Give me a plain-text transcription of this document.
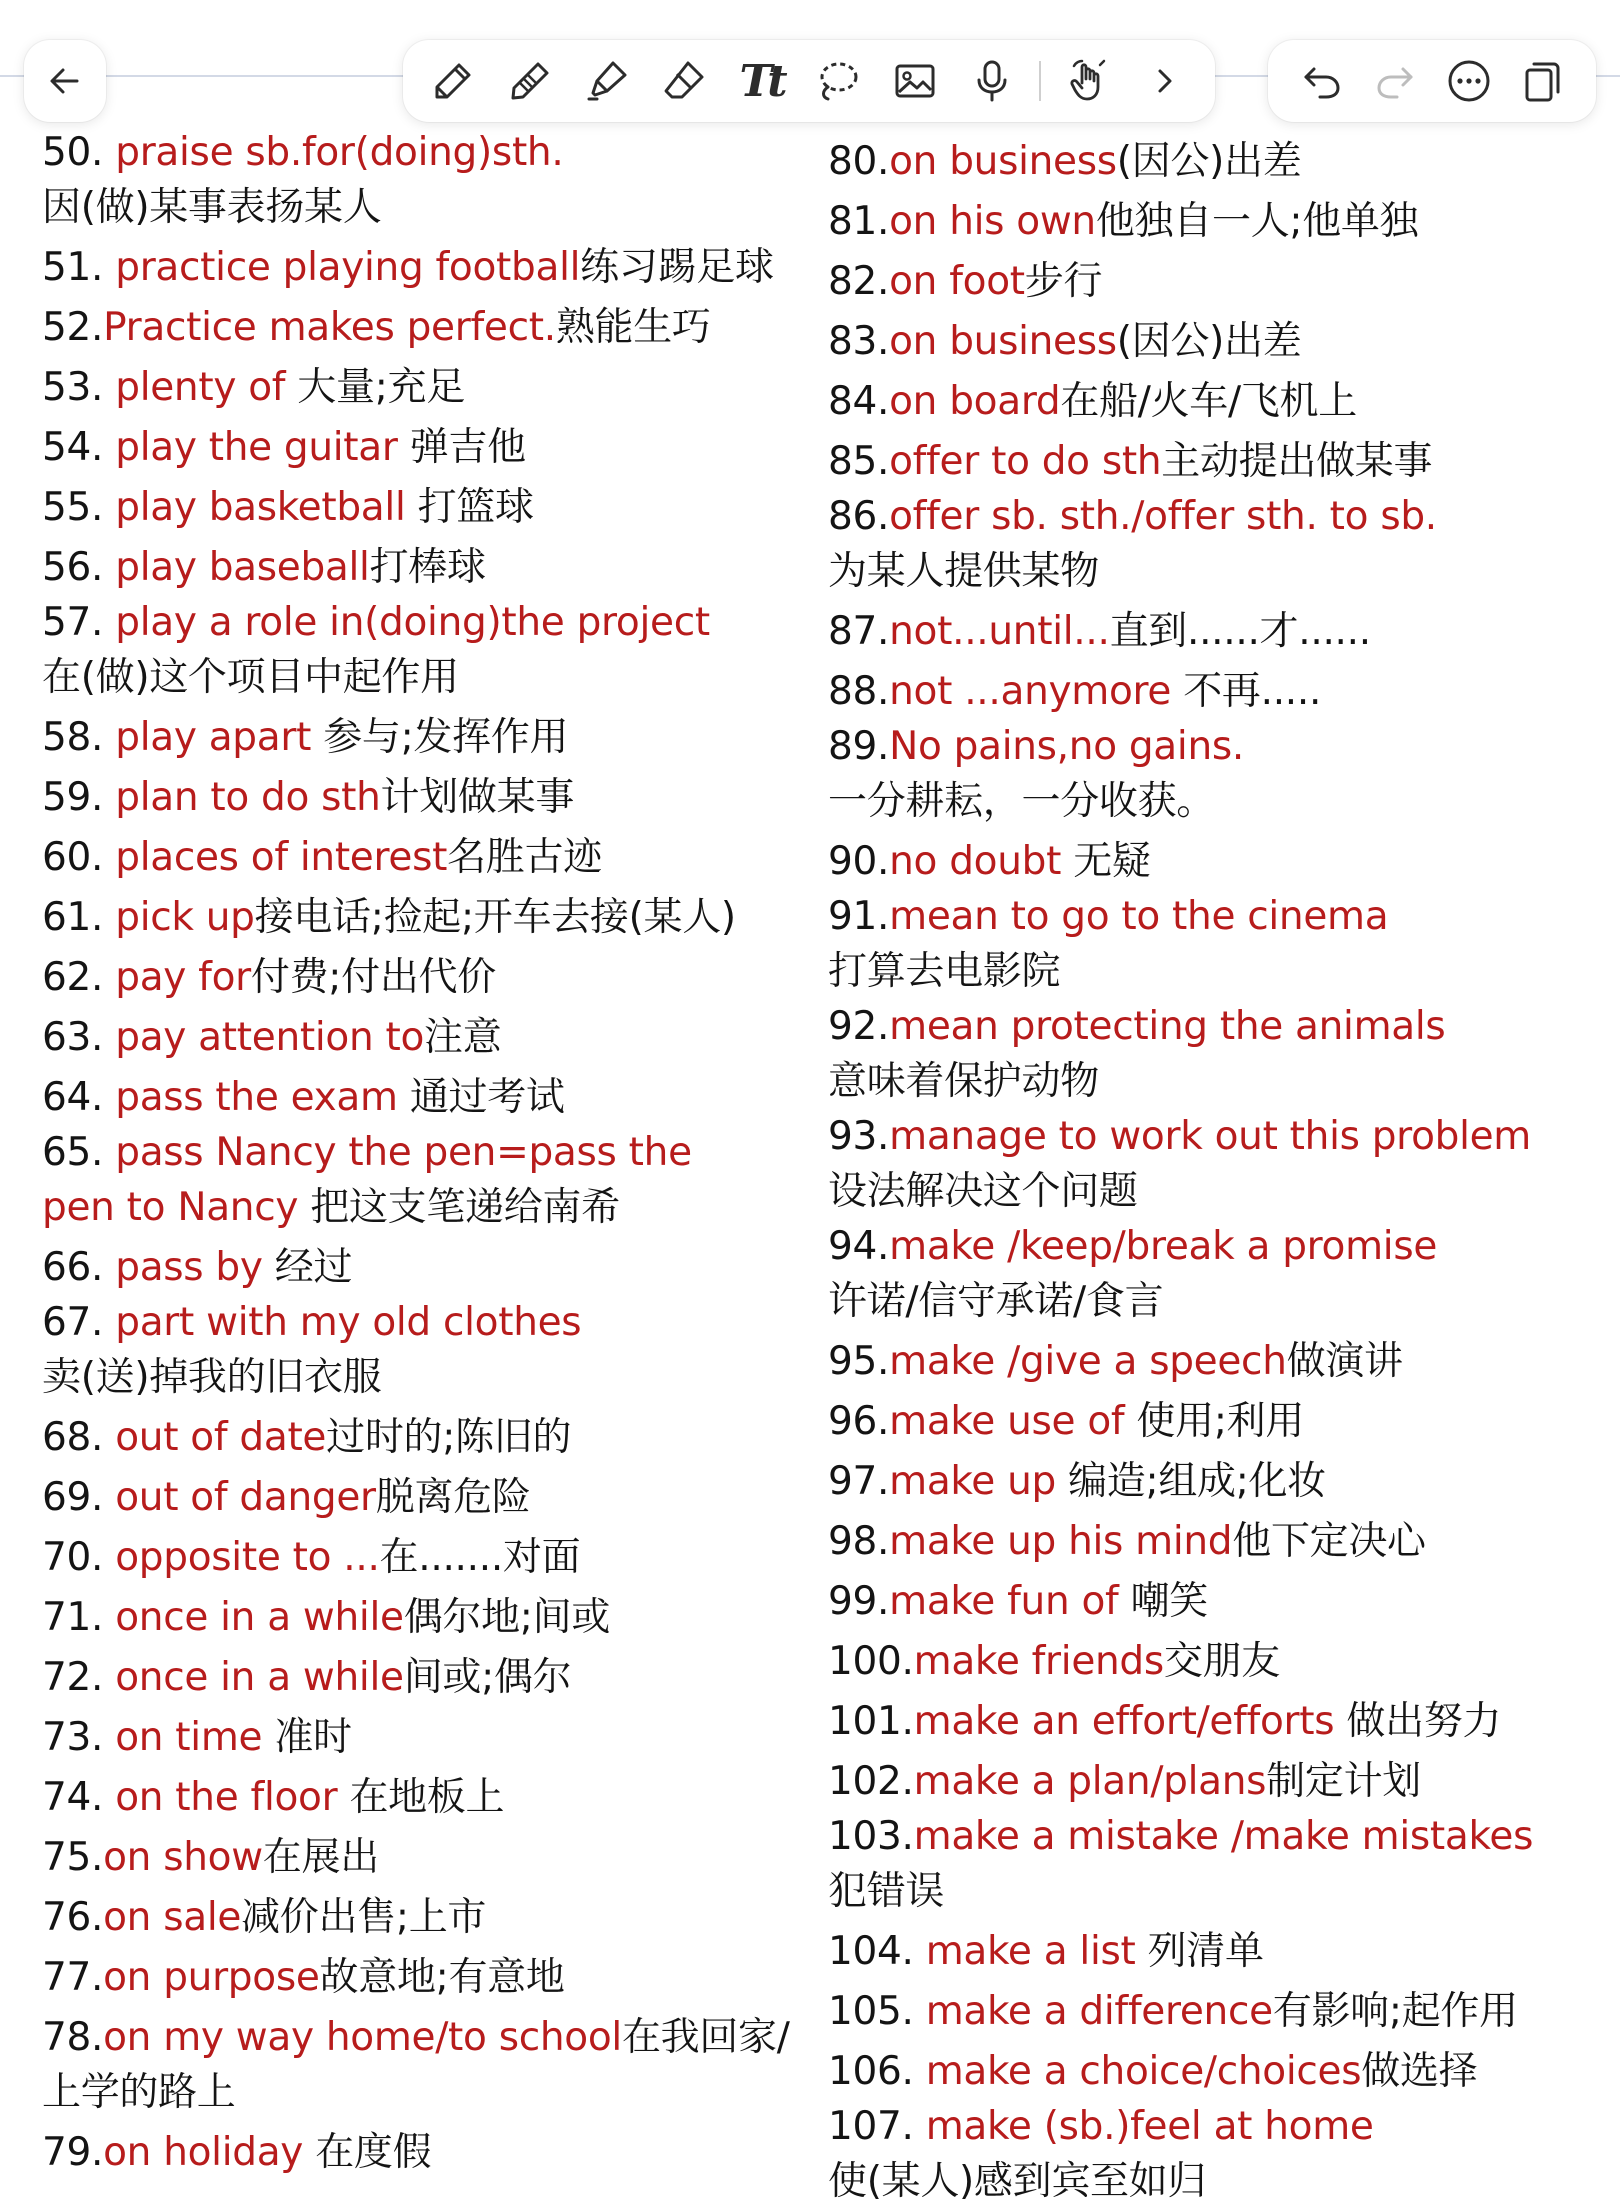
Tt
50. praise sb.for(doing)sth.
因(做)某事表扬某人
51. practice playing football练习踢足球
52.Practice makes perfect.熟能生巧
53. plenty of 大量;充足
54. play the guitar 弹吉他
55. play basketball 打篮球
56. play baseball打棒球
57. play a role in(doing)the project
在(做)这个项目中起作用
58. play apart 参与;发挥作用
59. plan to do sth计划做某事
60. places of interest名胜古迹
61. pick up接电话;捡起;开车去接(某人)
62. pay for付费;付出代价
63. pay attention to注意
64. pass the exam 通过考试
65. pass Nancy the pen=pass the
pen to Nancy 把这支笔递给南希
66. pass by 经过
67. part with my old clothes
卖(送)掉我的旧衣服
68. out of date过时的;陈旧的
69. out of danger脱离危险
70. opposite to ...在.......对面
71. once in a while偶尔地;间或
72. once in a while间或;偶尔
73. on time 准时
74. on the floor 在地板上
75.on show在展出
76.on sale减价出售;上市
77.on purpose故意地;有意地
78.on my way home/to school在我回家/
上学的路上
79.on holiday 在度假
80.on business(因公)出差
81.on his own他独自一人;他单独
82.on foot步行
83.on business(因公)出差
84.on board在船/火车/飞机上
85.offer to do sth主动提出做某事
86.offer sb. sth./offer sth. to sb.
为某人提供某物
87.not...until...直到......才......
88.not ...anymore 不再.....
89.No pains,no gains.
一分耕耘，一分收获。
90.no doubt 无疑
91.mean to go to the cinema
打算去电影院
92.mean protecting the animals
意味着保护动物
93.manage to work out this problem
设法解决这个问题
94.make /keep/break a promise
许诺/信守承诺/食言
95.make /give a speech做演讲
96.make use of 使用;利用
97.make up 编造;组成;化妆
98.make up his mind他下定决心
99.make fun of 嘲笑
100.make friends交朋友
101.make an effort/efforts 做出努力
102.make a plan/plans制定计划
103.make a mistake /make mistakes
犯错误
104. make a list 列清单
105. make a difference有影响;起作用
106. make a choice/choices做选择
107. make (sb.)feel at home
使(某人)感到宾至如归
